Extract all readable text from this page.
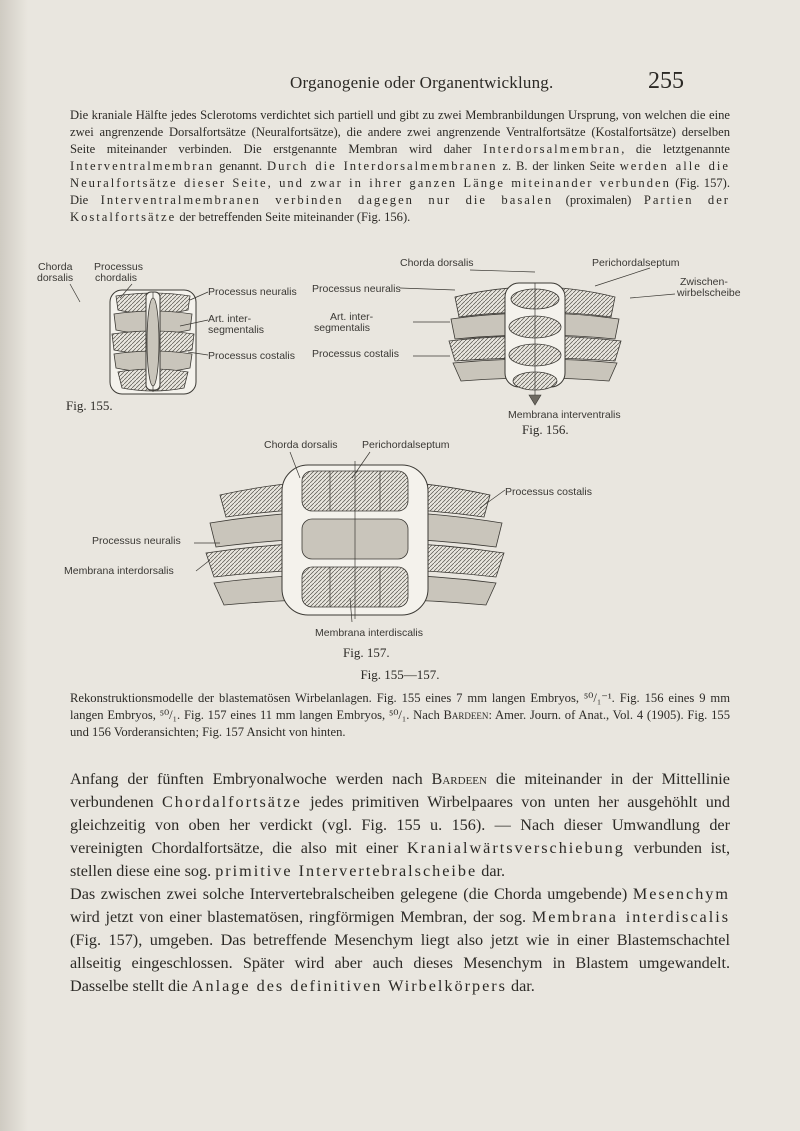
Organogenie oder Organentwicklung.	255
Die kraniale Hälfte jedes Sclerotoms verdichtet sich partiell und gibt zu zwei Membranbildungen Ursprung, von welchen die eine zwei angrenzende Dorsalfortsätze (Neuralfortsätze), die andere zwei angrenzende Ventralfortsätze (Kostalfortsätze) derselben Seite miteinander verbinden. Die erstgenannte Membran wird daher Interdorsalmembran, die letztgenannte Interventralmembran genannt. Durch die Interdorsalmembranen z. B. der linken Seite werden alle die Neuralfortsätze dieser Seite, und zwar in ihrer ganzen Länge miteinander verbunden (Fig. 157). Die Interventralmembranen verbinden dagegen nur die basalen (proximalen) Partien der Kostalfortsätze der betreffenden Seite miteinander (Fig. 156).
Chorda
dorsalis
Processus
chordalis
Processus neuralis
Art. inter-
segmentalis
Processus costalis
Fig. 155.
Chorda dorsalis	Perichordalseptum
Processus neuralis
Zwischen-
wirbelscheibe
Art. inter-
segmentalis
Processus costalis
Membrana interventralis
Fig. 156.
Chorda dorsalis Perichordalseptum
Processus costalis
Processus neuralis
Membrana interdorsalis
Membrana interdiscalis
Fig. 157.
Fig. 155—157.
Rekonstruktionsmodelle der blastematösen Wirbelanlagen. Fig. 155 eines 7 mm langen Embryos, ⁵⁰/₁⁻¹. Fig. 156 eines 9 mm langen Embryos, ⁵⁰/₁. Fig. 157 eines 11 mm langen Embryos, ⁵⁰/₁. Nach Bardeen: Amer. Journ. of Anat., Vol. 4 (1905). Fig. 155 und 156 Vorderansichten; Fig. 157 Ansicht von hinten.
Anfang der fünften Embryonalwoche werden nach Bardeen die miteinander in der Mittellinie verbundenen Chordalfortsätze jedes primitiven Wirbelpaares von unten her ausgehöhlt und gleichzeitig von oben her verdickt (vgl. Fig. 155 u. 156). — Nach dieser Umwandlung der vereinigten Chordalfortsätze, die also mit einer Kranialwärtsverschiebung verbunden ist, stellen diese eine sog. primitive Intervertebralscheibe dar.
Das zwischen zwei solche Intervertebralscheiben gelegene (die Chorda umgebende) Mesenchym wird jetzt von einer blastematösen, ringförmigen Membran, der sog. Membrana interdiscalis (Fig. 157), umgeben. Das betreffende Mesenchym liegt also jetzt wie in einer Blastemschachtel allseitig eingeschlossen. Später wird aber auch dieses Mesenchym in Blastem umgewandelt. Dasselbe stellt die Anlage des definitiven Wirbelkörpers dar.
